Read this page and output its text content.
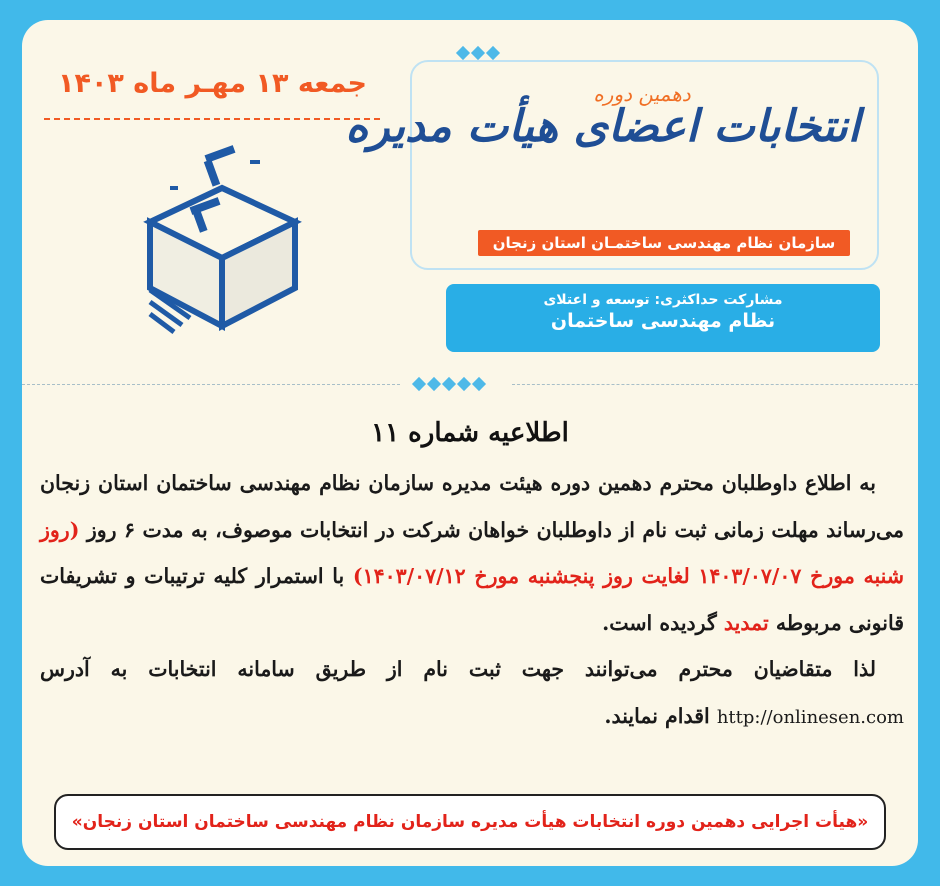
جمعه ۱۳ مهـر ماه ۱۴۰۳	دهمین دوره
انتخابات اعضای هیأت مدیره
سازمان نظام مهندسی ساختمـان استان زنجان
مشارکت حداکثری: توسعه و اعتلای
نظام مهندسی ساختمان
اطلاعیه شماره ۱۱
به اطلاع داوطلبان محترم دهمین دوره هیئت مدیره سازمان نظام مهندسی ساختمان استان زنجان می‌رساند مهلت زمانی ثبت نام از داوطلبان خواهان شرکت در انتخابات موصوف، به مدت ۶ روز (روز شنبه مورخ ۱۴۰۳/۰۷/۰۷ لغایت روز پنجشنبه مورخ ۱۴۰۳/۰۷/۱۲) با استمرار کلیه ترتیبات و تشریفات قانونی مربوطه تمدید گردیده است.
لذا متقاضیان محترم می‌توانند جهت ثبت نام از طریق سامانه انتخابات به آدرس http://onlinesen.com اقدام نمایند.
«هیأت اجرایی دهمین دوره انتخابات هیأت مدیره سازمان نظام مهندسی ساختمان استان زنجان»
